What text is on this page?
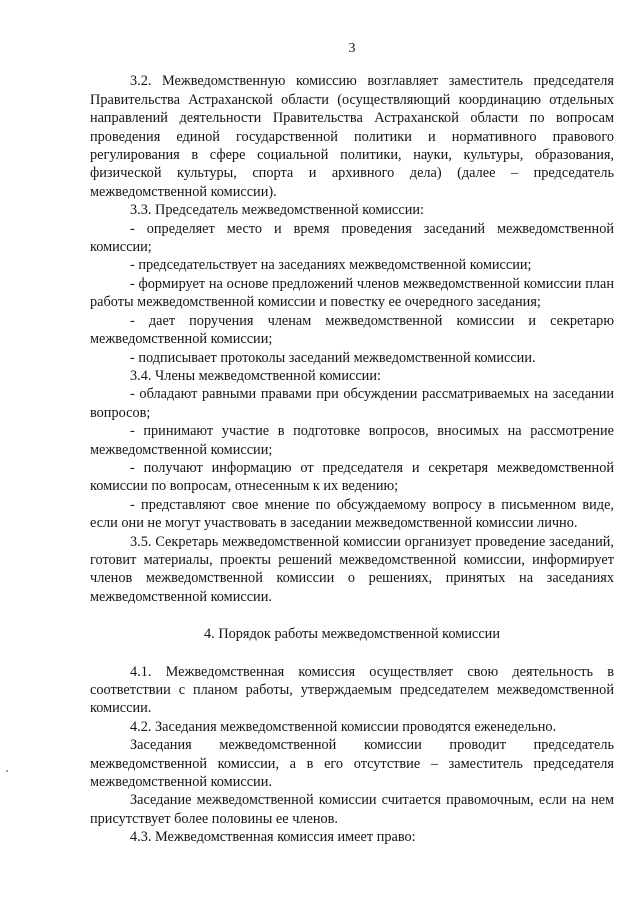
3

3.2. Межведомственную комиссию возглавляет заместитель председателя Правительства Астраханской области (осуществляющий координацию отдельных направлений деятельности Правительства Астраханской области по вопросам проведения единой государственной политики и нормативного правового регулирования в сфере социальной политики, науки, культуры, образования, физической культуры, спорта и архивного дела) (далее – председатель межведомственной комиссии).

3.3. Председатель межведомственной комиссии:

- определяет место и время проведения заседаний межведомственной комиссии;

- председательствует на заседаниях межведомственной комиссии;

- формирует на основе предложений членов межведомственной комиссии план работы межведомственной комиссии и повестку ее очередного заседания;

- дает поручения членам межведомственной комиссии и секретарю межведомственной комиссии;

- подписывает протоколы заседаний межведомственной комиссии.

3.4. Члены межведомственной комиссии:

- обладают равными правами при обсуждении рассматриваемых на заседании вопросов;

- принимают участие в подготовке вопросов, вносимых на рассмотрение межведомственной комиссии;

- получают информацию от председателя и секретаря межведомственной комиссии по вопросам, отнесенным к их ведению;

- представляют свое мнение по обсуждаемому вопросу в письменном виде, если они не могут участвовать в заседании межведомственной комиссии лично.

3.5. Секретарь межведомственной комиссии организует проведение заседаний, готовит материалы, проекты решений межведомственной комиссии, информирует членов межведомственной комиссии о решениях, принятых на заседаниях межведомственной комиссии.

4. Порядок работы межведомственной комиссии

4.1. Межведомственная комиссия осуществляет свою деятельность в соответствии с планом работы, утверждаемым председателем межведомственной комиссии.

4.2. Заседания межведомственной комиссии проводятся еженедельно.

Заседания межведомственной комиссии проводит председатель межведомственной комиссии, а в его отсутствие – заместитель председателя межведомственной комиссии.

Заседание межведомственной комиссии считается правомочным, если на нем присутствует более половины ее членов.

4.3. Межведомственная комиссия имеет право:
